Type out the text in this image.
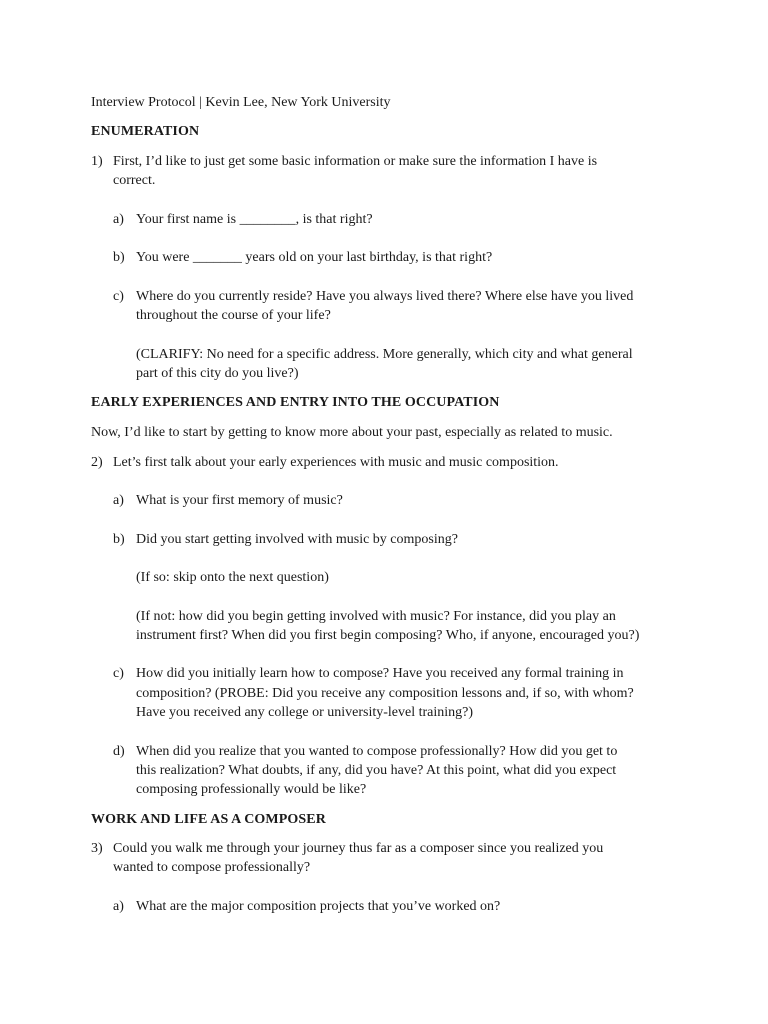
Interview Protocol | Kevin Lee, New York University
ENUMERATION
1) First, I’d like to just get some basic information or make sure the information I have is
correct.
a) Your first name is ________, is that right?
b) You were _______ years old on your last birthday, is that right?
c) Where do you currently reside? Have you always lived there? Where else have you lived
throughout the course of your life?
(CLARIFY: No need for a specific address. More generally, which city and what general
part of this city do you live?)
EARLY EXPERIENCES AND ENTRY INTO THE OCCUPATION
Now, I’d like to start by getting to know more about your past, especially as related to music.
2) Let’s first talk about your early experiences with music and music composition.
a) What is your first memory of music?
b) Did you start getting involved with music by composing?
(If so: skip onto the next question)
(If not: how did you begin getting involved with music? For instance, did you play an
instrument first? When did you first begin composing? Who, if anyone, encouraged you?)
c) How did you initially learn how to compose? Have you received any formal training in
composition? (PROBE: Did you receive any composition lessons and, if so, with whom?
Have you received any college or university-level training?)
d) When did you realize that you wanted to compose professionally? How did you get to
this realization? What doubts, if any, did you have? At this point, what did you expect
composing professionally would be like?
WORK AND LIFE AS A COMPOSER
3) Could you walk me through your journey thus far as a composer since you realized you
wanted to compose professionally?
a) What are the major composition projects that you’ve worked on?
